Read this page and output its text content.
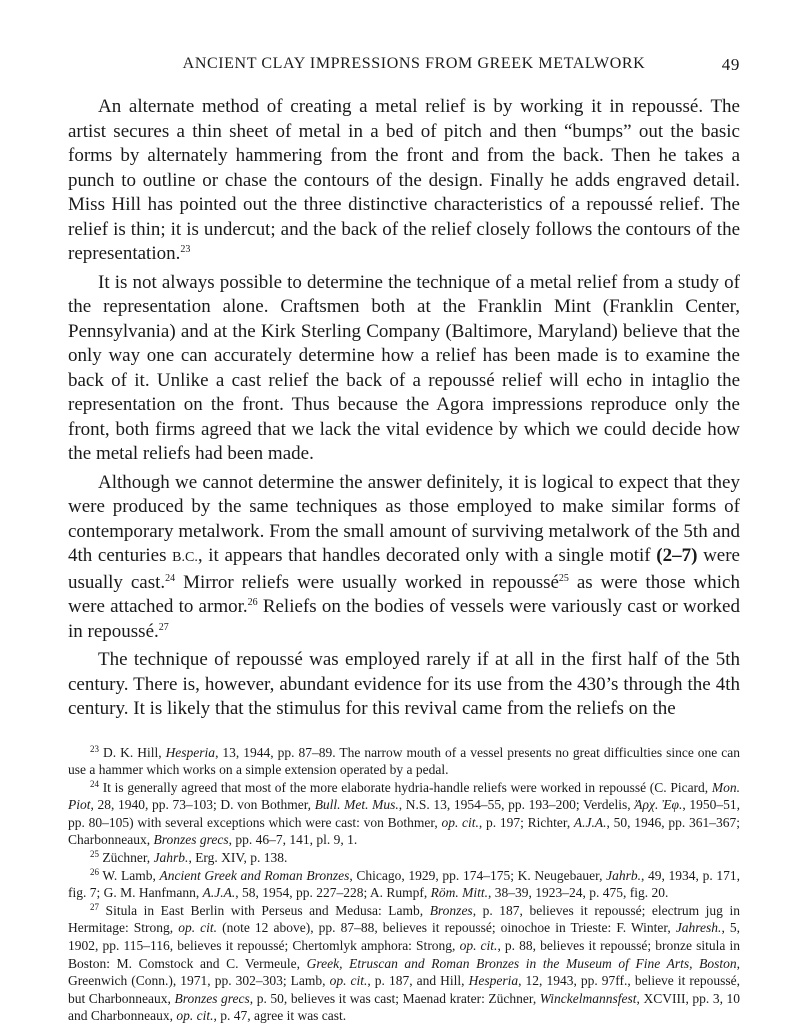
ANCIENT CLAY IMPRESSIONS FROM GREEK METALWORK	49

An alternate method of creating a metal relief is by working it in repoussé. The artist secures a thin sheet of metal in a bed of pitch and then “bumps” out the basic forms by alternately hammering from the front and from the back. Then he takes a punch to outline or chase the contours of the design. Finally he adds engraved detail. Miss Hill has pointed out the three distinctive characteristics of a repoussé relief. The relief is thin; it is undercut; and the back of the relief closely follows the contours of the representation.$^{23}$

It is not always possible to determine the technique of a metal relief from a study of the representation alone. Craftsmen both at the Franklin Mint (Franklin Center, Pennsylvania) and at the Kirk Sterling Company (Baltimore, Maryland) believe that the only way one can accurately determine how a relief has been made is to examine the back of it. Unlike a cast relief the back of a repoussé relief will echo in intaglio the representation on the front. Thus because the Agora impressions reproduce only the front, both firms agreed that we lack the vital evidence by which we could decide how the metal reliefs had been made.

Although we cannot determine the answer definitely, it is logical to expect that they were produced by the same techniques as those employed to make similar forms of contemporary metalwork. From the small amount of surviving metalwork of the 5th and 4th centuries B.C., it appears that handles decorated only with a single motif (2–7) were usually cast.$^{24}$ Mirror reliefs were usually worked in repoussé$^{25}$ as were those which were attached to armor.$^{26}$ Reliefs on the bodies of vessels were variously cast or worked in repoussé.$^{27}$

The technique of repoussé was employed rarely if at all in the first half of the 5th century. There is, however, abundant evidence for its use from the 430’s through the 4th century. It is likely that the stimulus for this revival came from the reliefs on the

$^{23}$ D. K. Hill, Hesperia, 13, 1944, pp. 87–89. The narrow mouth of a vessel presents no great difficulties since one can use a hammer which works on a simple extension operated by a pedal.

$^{24}$ It is generally agreed that most of the more elaborate hydria-handle reliefs were worked in repoussé (C. Picard, Mon. Piot, 28, 1940, pp. 73–103; D. von Bothmer, Bull. Met. Mus., N.S. 13, 1954–55, pp. 193–200; Verdelis, Ἀρχ. Ἐφ., 1950–51, pp. 80–105) with several exceptions which were cast: von Bothmer, op. cit., p. 197; Richter, A.J.A., 50, 1946, pp. 361–367; Charbonneaux, Bronzes grecs, pp. 46–7, 141, pl. 9, 1.

$^{25}$ Züchner, Jahrb., Erg. XIV, p. 138.

$^{26}$ W. Lamb, Ancient Greek and Roman Bronzes, Chicago, 1929, pp. 174–175; K. Neugebauer, Jahrb., 49, 1934, p. 171, fig. 7; G. M. Hanfmann, A.J.A., 58, 1954, pp. 227–228; A. Rumpf, Röm. Mitt., 38–39, 1923–24, p. 475, fig. 20.

$^{27}$ Situla in East Berlin with Perseus and Medusa: Lamb, Bronzes, p. 187, believes it repoussé; electrum jug in Hermitage: Strong, op. cit. (note 12 above), pp. 87–88, believes it repoussé; oinochoe in Trieste: F. Winter, Jahresh., 5, 1902, pp. 115–116, believes it repoussé; Chertomlyk amphora: Strong, op. cit., p. 88, believes it repoussé; bronze situla in Boston: M. Comstock and C. Vermeule, Greek, Etruscan and Roman Bronzes in the Museum of Fine Arts, Boston, Greenwich (Conn.), 1971, pp. 302–303; Lamb, op. cit., p. 187, and Hill, Hesperia, 12, 1943, pp. 97ff., believe it repoussé, but Charbonneaux, Bronzes grecs, p. 50, believes it was cast; Maenad krater: Züchner, Winckelmannsfest, XCVIII, pp. 3, 10 and Charbonneaux, op. cit., p. 47, agree it was cast.
